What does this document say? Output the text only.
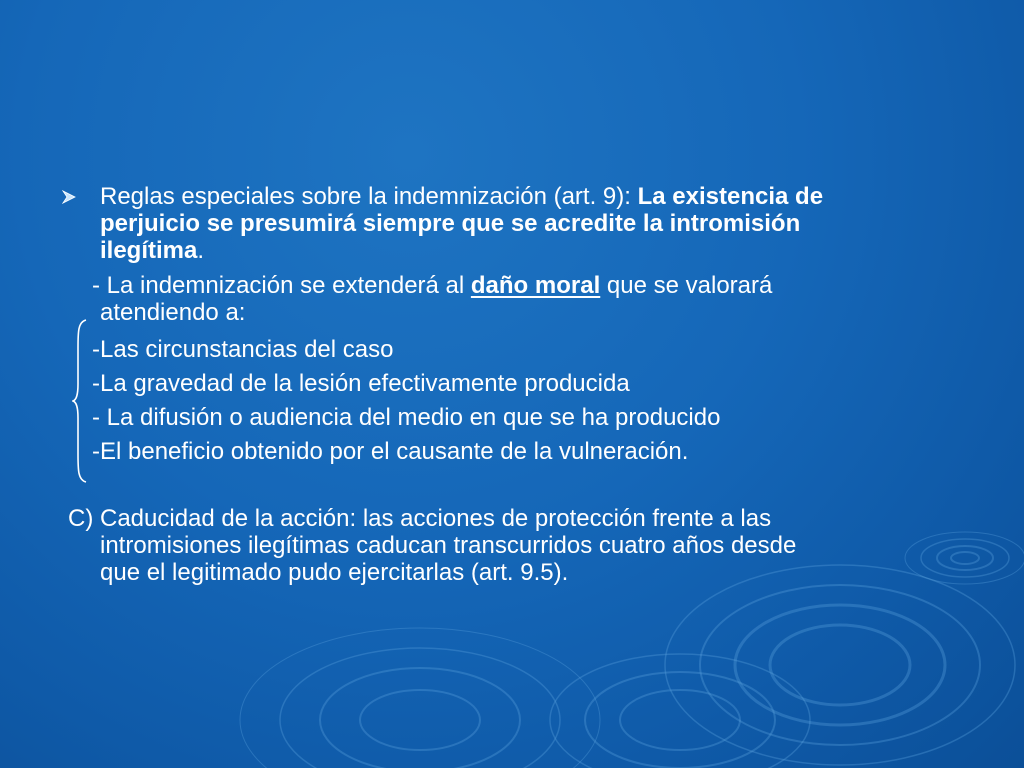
Reglas especiales sobre la indemnización (art. 9): La existencia de
perjuicio se presumirá siempre que se acredite la intromisión
ilegítima.
- La indemnización se extenderá al daño moral que se valorará
atendiendo a:
-Las circunstancias del caso
-La gravedad de la lesión efectivamente producida
- La difusión o audiencia del medio en que se ha producido
-El beneficio obtenido por el causante de la vulneración.
C) Caducidad de la acción: las acciones de protección frente a las
intromisiones ilegítimas caducan transcurridos cuatro años desde
que el legitimado pudo ejercitarlas (art. 9.5).
